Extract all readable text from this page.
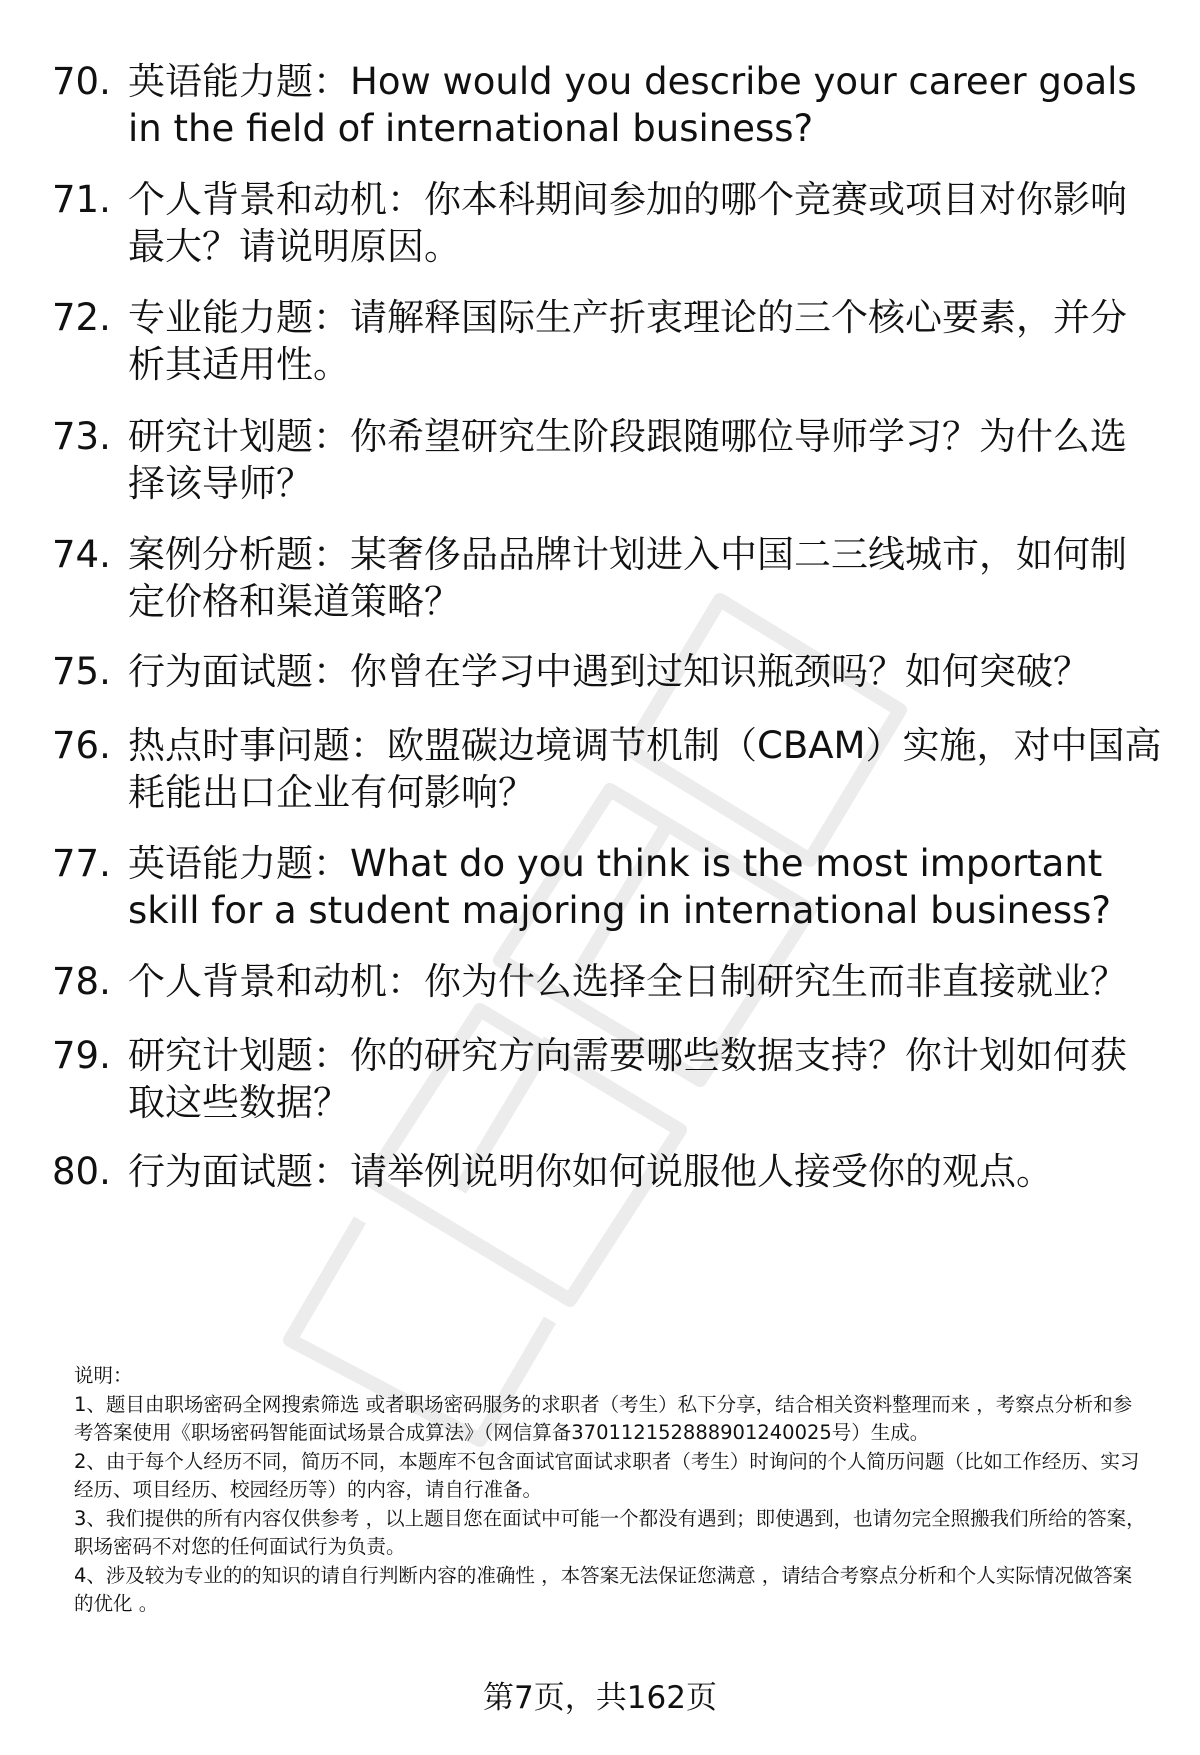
70. 英语能力题：How would you describe your career goals in the field of international business?
71. 个人背景和动机：你本科期间参加的哪个竞赛或项目对你影响最大？请说明原因。
72. 专业能力题：请解释国际生产折衷理论的三个核心要素，并分析其适用性。
73. 研究计划题：你希望研究生阶段跟随哪位导师学习？为什么选择该导师？
74. 案例分析题：某奢侈品品牌计划进入中国二三线城市，如何制定价格和渠道策略？
75. 行为面试题：你曾在学习中遇到过知识瓶颈吗？如何突破？
76. 热点时事问题：欧盟碳边境调节机制（CBAM）实施，对中国高耗能出口企业有何影响？
77. 英语能力题：What do you think is the most important skill for a student majoring in international business?
78. 个人背景和动机：你为什么选择全日制研究生而非直接就业？
79. 研究计划题：你的研究方向需要哪些数据支持？你计划如何获取这些数据？
80. 行为面试题：请举例说明你如何说服他人接受你的观点。

说明：

1、题目由职场密码全网搜索筛选 或者职场密码服务的求职者（考生）私下分享，结合相关资料整理而来 ，考察点分析和参考答案使用《职场密码智能面试场景合成算法》（网信算备370112152888901240025号）生成。

2、由于每个人经历不同，简历不同，本题库不包含面试官面试求职者（考生）时询问的个人简历问题（比如工作经历、实习经历、项目经历、校园经历等）的内容，请自行准备。

3、我们提供的所有内容仅供参考 ，以上题目您在面试中可能一个都没有遇到；即使遇到，也请勿完全照搬我们所给的答案，职场密码不对您的任何面试行为负责。

4、涉及较为专业的的知识的请自行判断内容的准确性 ，本答案无法保证您满意 ，请结合考察点分析和个人实际情况做答案的优化 。

第7页，共162页
